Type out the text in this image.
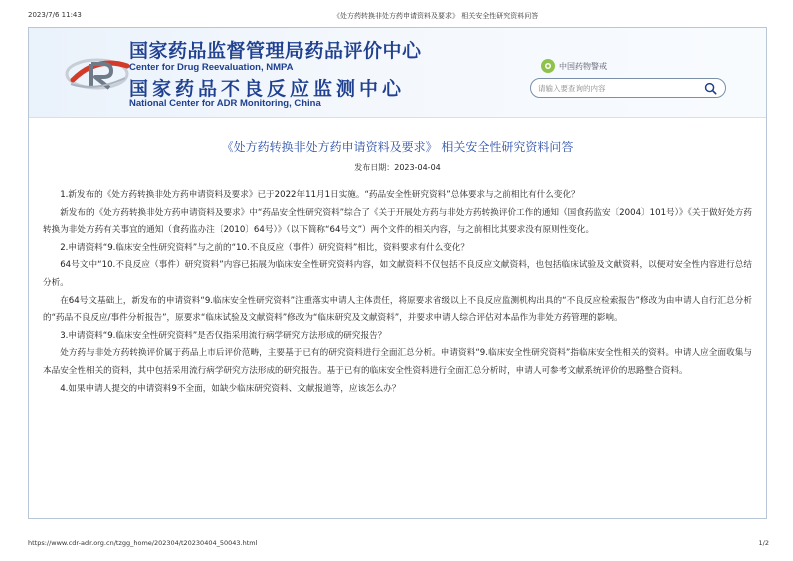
2023/7/6 11:43	《处方药转换非处方药申请资料及要求》 相关安全性研究资料问答
国家药品监督管理局药品评价中心
Center for Drug Reevaluation, NMPA
国家药品不良反应监测中心
National Center for ADR Monitoring, China
中国药物警戒
请输入要查询的内容
《处方药转换非处方药申请资料及要求》 相关安全性研究资料问答
发布日期：2023-04-04

1.新发布的《处方药转换非处方药申请资料及要求》已于2022年11月1日实施。“药品安全性研究资料”总体要求与之前相比有什么变化？

新发布的《处方药转换非处方药申请资料及要求》中“药品安全性研究资料”综合了《关于开展处方药与非处方药转换评价工作的通知（国食药监安〔2004〕101号）》《关于做好处方药转换为非处方药有关事宜的通知（食药监办注〔2010〕64号）》（以下简称“64号文”）两个文件的相关内容，与之前相比其要求没有原则性变化。

2.申请资料“9.临床安全性研究资料”与之前的“10.不良反应（事件）研究资料”相比，资料要求有什么变化？

64号文中“10.不良反应（事件）研究资料”内容已拓展为临床安全性研究资料内容，如文献资料不仅包括不良反应文献资料，也包括临床试验及文献资料，以便对安全性内容进行总结分析。

在64号文基础上，新发布的申请资料“9.临床安全性研究资料”注重落实申请人主体责任，将原要求省级以上不良反应监测机构出具的“不良反应检索报告”修改为由申请人自行汇总分析的“药品不良反应/事件分析报告”，原要求“临床试验及文献资料”修改为“临床研究及文献资料”，并要求申请人综合评估对本品作为非处方药管理的影响。

3.申请资料“9.临床安全性研究资料”是否仅指采用流行病学研究方法形成的研究报告？

处方药与非处方药转换评价属于药品上市后评价范畴，主要基于已有的研究资料进行全面汇总分析。申请资料“9.临床安全性研究资料”指临床安全性相关的资料。申请人应全面收集与本品安全性相关的资料，其中包括采用流行病学研究方法形成的研究报告。基于已有的临床安全性资料进行全面汇总分析时，申请人可参考文献系统评价的思路整合资料。

4.如果申请人提交的申请资料9不全面，如缺少临床研究资料、文献报道等，应该怎么办？

https://www.cdr-adr.org.cn/tzgg_home/202304/t20230404_50043.html	1/2
